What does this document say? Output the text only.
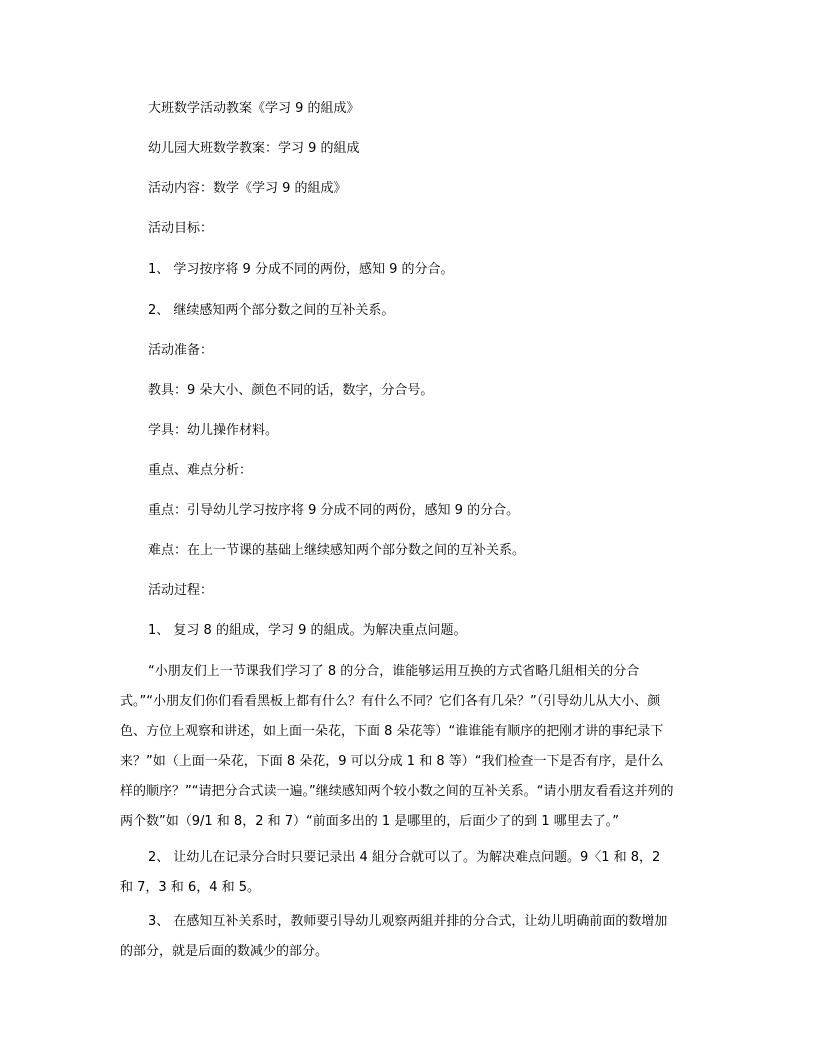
大班数学活动教案《学习 9 的組成》
幼儿园大班数学教案：学习 9 的組成
活动内容：数学《学习 9 的組成》
活动目标：
1、 学习按序将 9 分成不同的两份，感知 9 的分合。
2、 继续感知两个部分数之间的互补关系。
活动准备：
教具：9 朵大小、颜色不同的话，数字，分合号。
学具：幼儿操作材料。
重点、难点分析：
重点：引导幼儿学习按序将 9 分成不同的两份，感知 9 的分合。
难点：在上一节课的基础上继续感知两个部分数之间的互补关系。
活动过程：
1、 复习 8 的組成，学习 9 的組成。为解决重点问题。
“小朋友们上一节课我们学习了 8 的分合，谁能够运用互换的方式省略几組相关的分合式。”“小朋友们你们看看黑板上都有什么？有什么不同？它们各有几朵？”（引导幼儿从大小、颜色、方位上观察和讲述，如上面一朵花，下面 8 朵花等）“谁谁能有顺序的把刚才讲的事纪录下来？”如（上面一朵花，下面 8 朵花，9 可以分成 1 和 8 等）“我们检查一下是否有序，是什么样的顺序？”“请把分合式读一遍。”继续感知两个较小数之间的互补关系。“请小朋友看看这并列的两个数”如（9/1 和 8，2 和 7）“前面多出的 1 是哪里的，后面少了的到 1 哪里去了。”
2、 让幼儿在记录分合时只要记录出 4 組分合就可以了。为解决难点问题。9〈1 和 8，2 和 7，3 和 6，4 和 5。
3、 在感知互补关系时，教师要引导幼儿观察两組并排的分合式，让幼儿明确前面的数增加的部分，就是后面的数减少的部分。
